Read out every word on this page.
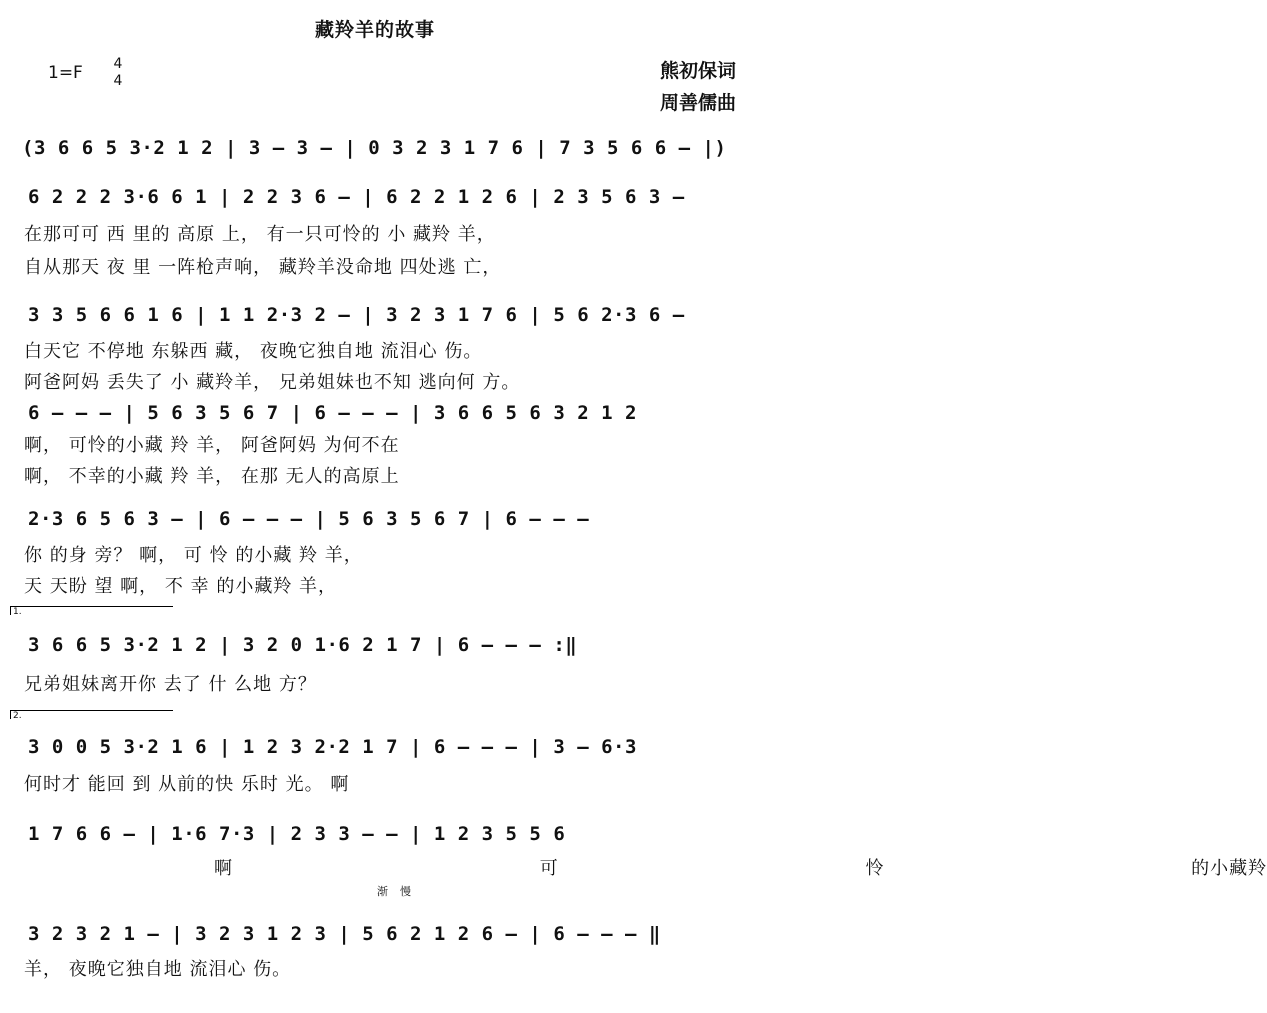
藏羚羊的故事
1=F 4
4	熊初保词
周善儒曲
(3 6 6 5 3·2 1 2 | 3 – 3 – | 0 3 2 3 1 7 6 | 7 3 5 6 6 – |)
6 2 2 2 3·6 6 1 | 2 2 3 6 – | 6 2 2 1 2 6 | 2 3 5 6 3 –
在那可可 西 里的 高原 上， 有一只可怜的 小 藏羚 羊，
自从那天 夜 里 一阵枪声响， 藏羚羊没命地 四处逃 亡，
3 3 5 6 6 1 6 | 1 1 2·3 2 – | 3 2 3 1 7 6 | 5 6 2·3 6 –
白天它 不停地 东躲西 藏， 夜晚它独自地 流泪心 伤。
阿爸阿妈 丢失了 小 藏羚羊， 兄弟姐妹也不知 逃向何 方。
6 – – – | 5 6 3 5 6 7 | 6 – – – | 3 6 6 5 6 3 2 1 2
啊， 可怜的小藏 羚 羊， 阿爸阿妈 为何不在
啊， 不幸的小藏 羚 羊， 在那 无人的高原上
2·3 6 5 6 3 – | 6 – – – | 5 6 3 5 6 7 | 6 – – –
你 的身 旁？ 啊， 可 怜 的小藏 羚 羊，
天 天盼 望 啊， 不 幸 的小藏羚 羊，
1.
3 6 6 5 3·2 1 2 | 3 2 0 1·6 2 1 7 | 6 – – – :‖
兄弟姐妹离开你 去了 什 么地 方？
2.
3 0 0 5 3·2 1 6 | 1 2 3 2·2 1 7 | 6 – – – | 3 – 6·3
何时才 能回 到 从前的快 乐时 光。 啊
1 7 6 6 – | 1·6 7·3 | 2 3 3 – – | 1 2 3 5 5 6
啊 可 怜 的小藏羚
渐慢
3 2 3 2 1 – | 3 2 3 1 2 3 | 5 6 2 1 2 6 – | 6 – – – ‖
羊， 夜晚它独自地 流泪心 伤。
